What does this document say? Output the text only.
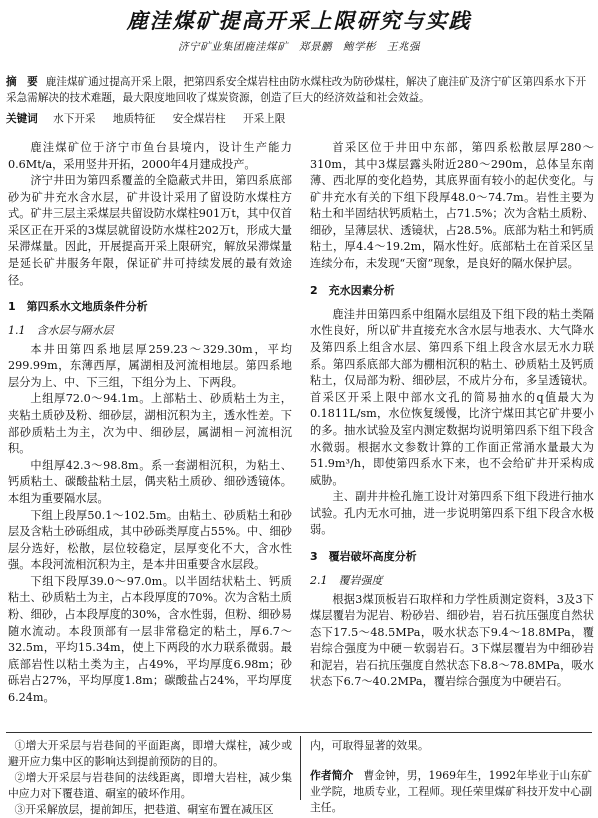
鹿洼煤矿提高开采上限研究与实践
济宁矿业集团鹿洼煤矿　郑景鹏　鲍学彬　王兆强
摘　要 鹿洼煤矿通过提高开采上限，把第四系安全煤岩柱由防水煤柱改为防砂煤柱，解决了鹿洼矿及济宁矿区第四系水下开采急需解决的技术难题，最大限度地回收了煤炭资源，创造了巨大的经济效益和社会效益。
关键词 水下开采 地质特征 安全煤岩柱 开采上限

鹿洼煤矿位于济宁市鱼台县境内，设计生产能力0.6Mt/a，采用竖井开拓，2000年4月建成投产。

济宁井田为第四系覆盖的全隐蔽式井田，第四系底部砂为矿井充水含水层，矿井设计采用了留设防水煤柱方式。矿井三层主采煤层共留设防水煤柱901万t，其中仅首采区正在开采的3煤层就留设防水煤柱202万t，形成大量呆滞煤量。因此，开展提高开采上限研究，解放呆滞煤量是延长矿井服务年限，保证矿井可持续发展的最有效途径。

1　第四系水文地质条件分析
1.1　含水层与隔水层

本井田第四系地层厚259.23～329.30m，平均299.99m，东薄西厚，属湖相及河流相地层。第四系地层分为上、中、下三组，下组分为上、下两段。

上组厚72.0～94.1m。上部粘土、砂质粘土为主，夹粘土质砂及粉、细砂层，湖相沉积为主，透水性差。下部砂质粘土为主，次为中、细砂层，属湖相－河流相沉积。

中组厚42.3～98.8m。系一套湖相沉积，为粘土、钙质粘土、碳酸盐粘土层，偶夹粘土质砂、细砂透镜体。本组为重要隔水层。

下组上段厚50.1～102.5m。由粘土、砂质粘土和砂层及含粘土砂砾组成，其中砂砾类厚度占55%。中、细砂层分选好，松散，层位较稳定，层厚变化不大，含水性强。本段河流相沉积为主，是本井田重要含水层段。

下组下段厚39.0～97.0m。以半固结状粘土、钙质粘土、砂质粘土为主，占本段厚度的70%。次为含粘土质粉、细砂，占本段厚度的30%，含水性弱，但粉、细砂易随水流动。本段顶部有一层非常稳定的粘土，厚6.7～32.5m，平均15.34m，使上下两段的水力联系微弱。最底部岩性以粘土类为主，占49%，平均厚度6.98m；砂砾岩占27%，平均厚度1.8m；碳酸盐占24%，平均厚度6.24m。

首采区位于井田中东部，第四系松散层厚280～310m，其中3煤层露头附近280～290m，总体呈东南薄、西北厚的变化趋势，其底界面有较小的起伏变化。与矿井充水有关的下组下段厚48.0～74.7m。岩性主要为粘土和半固结状钙质粘土，占71.5%；次为含粘土质粉、细砂，呈薄层状、透镜状，占28.5%。底部为粘土和钙质粘土，厚4.4～19.2m，隔水性好。底部粘土在首采区呈连续分布，未发现“天窗”现象，是良好的隔水保护层。

2　充水因素分析

鹿洼井田第四系中组隔水层组及下组下段的粘土类隔水性良好，所以矿井直接充水含水层与地表水、大气降水及第四系上组含水层、第四系下组上段含水层无水力联系。第四系底部大部为棚相沉积的粘土、砂质粘土及钙质粘土，仅局部为粉、细砂层，不成片分布，多呈透镜状。首采区开采上限中部水文孔的简易抽水的q值最大为0.1811L/sm，水位恢复缓慢，比济宁煤田其它矿井要小的多。抽水试验及室内测定数据均说明第四系下组下段含水微弱。根据水文参数计算的工作面正常涌水量最大为51.9m³/h，即使第四系水下来，也不会给矿井开采构成威胁。

主、副井井检孔施工设计对第四系下组下段进行抽水试验。孔内无水可抽，进一步说明第四系下组下段含水极弱。

3　覆岩破坏高度分析
2.1　覆岩强度

根据3煤顶板岩石取样和力学性质测定资料，3及3下煤层覆岩为泥岩、粉砂岩、细砂岩，岩石抗压强度自然状态下17.5～48.5MPa，吸水状态下9.4～18.8MPa，覆岩综合强度为中硬－软弱岩石。3下煤层覆岩为中细砂岩和泥岩，岩石抗压强度自然状态下8.8～78.8MPa，吸水状态下6.7～40.2MPa，覆岩综合强度为中硬岩石。

①增大开采层与岩巷间的平面距离，即增大煤柱，减少或避开应力集中区的影响达到提前预防的目的。

②增大开采层与岩巷间的法线距离，即增大岩柱，减少集中应力对下覆巷道、硐室的破坏作用。

③开采解放层，提前卸压，把巷道、硐室布置在减压区

内，可取得显著的效果。

作者简介 曹金钟，男，1969年生，1992年毕业于山东矿业学院，地质专业，工程师。现任荣里煤矿科技开发中心副主任。
